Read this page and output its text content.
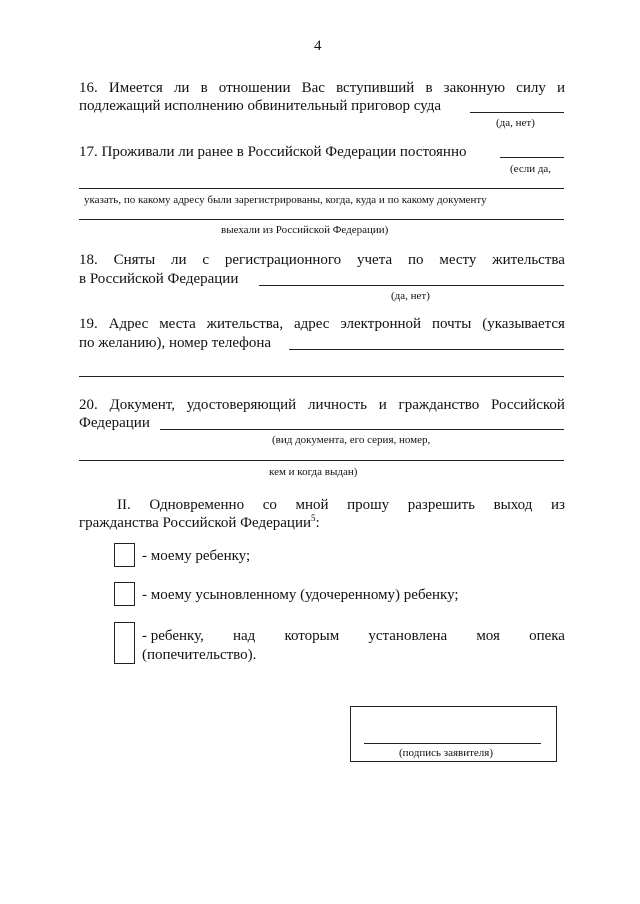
4
16. Имеется ли в отношении Вас вступивший в законную силу и
подлежащий исполнению обвинительный приговор суда
(да, нет)
17. Проживали ли ранее в Российской Федерации постоянно
(если да,
указать, по какому адресу были зарегистрированы, когда, куда и по какому документу
выехали из Российской Федерации)
18. Сняты ли с регистрационного учета по месту жительства
в Российской Федерации
(да, нет)
19. Адрес места жительства, адрес электронной почты (указывается
по желанию), номер телефона
20. Документ, удостоверяющий личность и гражданство Российской
Федерации
(вид документа, его серия, номер,
кем и когда выдан)
II. Одновременно со мной прошу разрешить выход из
гражданства Российской Федерации$^5$:
- моему ребенку;
- моему усыновленному (удочеренному) ребенку;
- ребенку, над которым установлена моя опека
(попечительство).
(подпись заявителя)
